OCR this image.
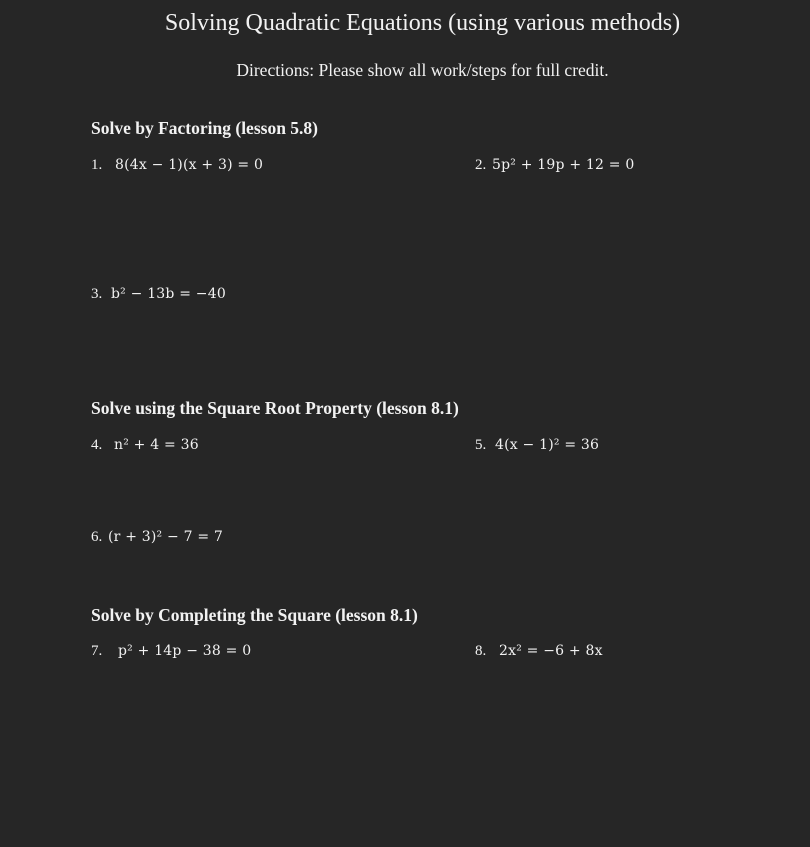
Solving Quadratic Equations (using various methods)
Directions: Please show all work/steps for full credit.
Solve by Factoring (lesson 5.8)
1. 8(4x − 1)(x + 3) = 0	2. 5p² + 19p + 12 = 0
3. b² − 13b = −40
Solve using the Square Root Property (lesson 8.1)
4. n² + 4 = 36	5. 4(x − 1)² = 36
6. (r + 3)² − 7 = 7
Solve by Completing the Square (lesson 8.1)
7. p² + 14p − 38 = 0	8. 2x² = −6 + 8x
